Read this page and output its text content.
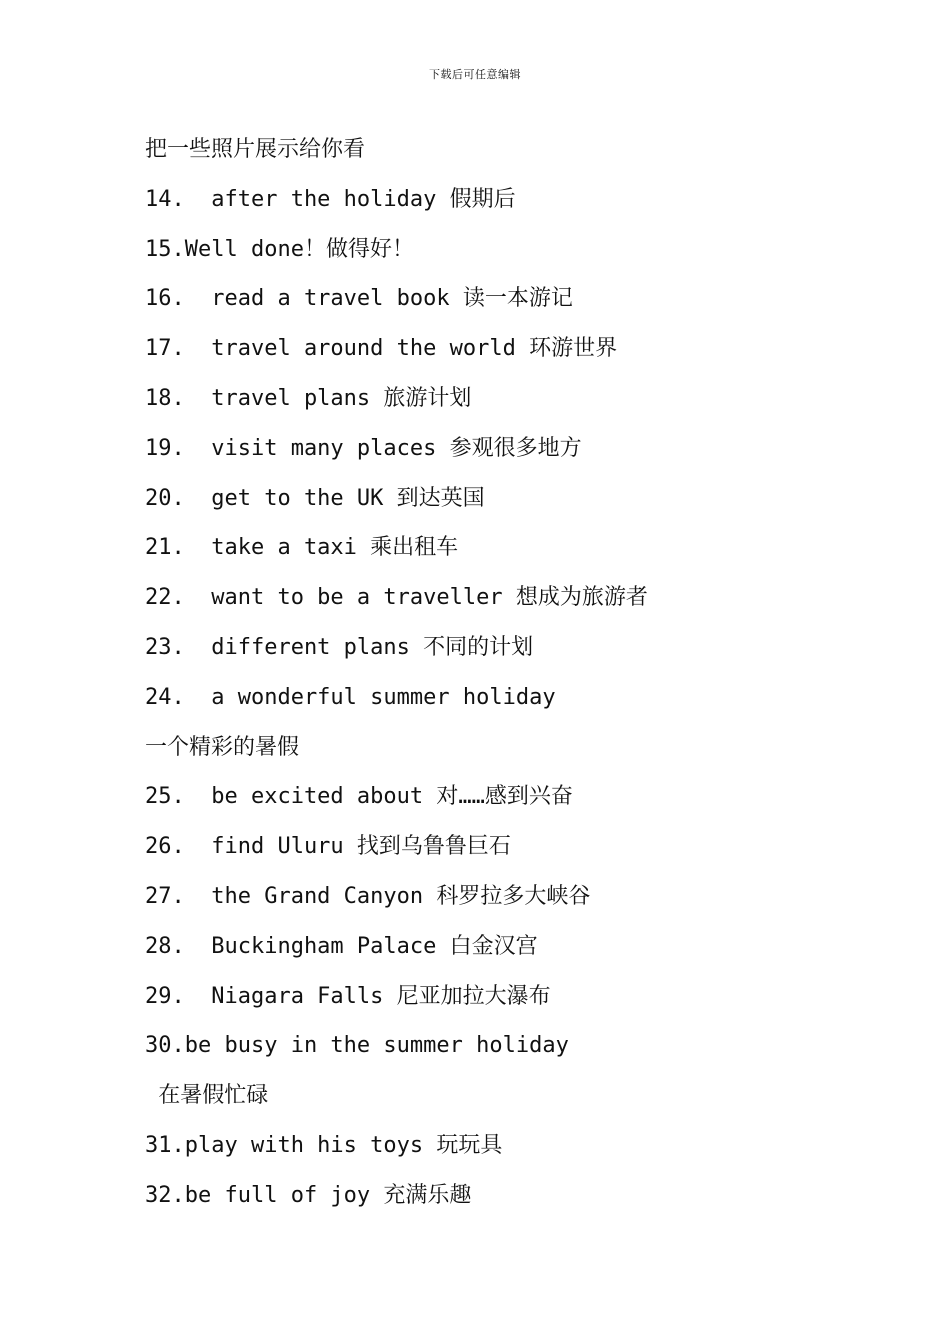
下载后可任意编辑
把一些照片展示给你看
14.  after the holiday 假期后
15.Well done！做得好！
16.  read a travel book 读一本游记
17.  travel around the world 环游世界
18.  travel plans 旅游计划
19.  visit many places 参观很多地方
20.  get to the UK 到达英国
21.  take a taxi 乘出租车
22.  want to be a traveller 想成为旅游者
23.  different plans 不同的计划
24.  a wonderful summer holiday
一个精彩的暑假
25.  be excited about 对……感到兴奋
26.  find Uluru 找到乌鲁鲁巨石
27.  the Grand Canyon 科罗拉多大峡谷
28.  Buckingham Palace 白金汉宫
29.  Niagara Falls 尼亚加拉大瀑布
30.be busy in the summer holiday
在暑假忙碌
31.play with his toys 玩玩具
32.be full of joy 充满乐趣
